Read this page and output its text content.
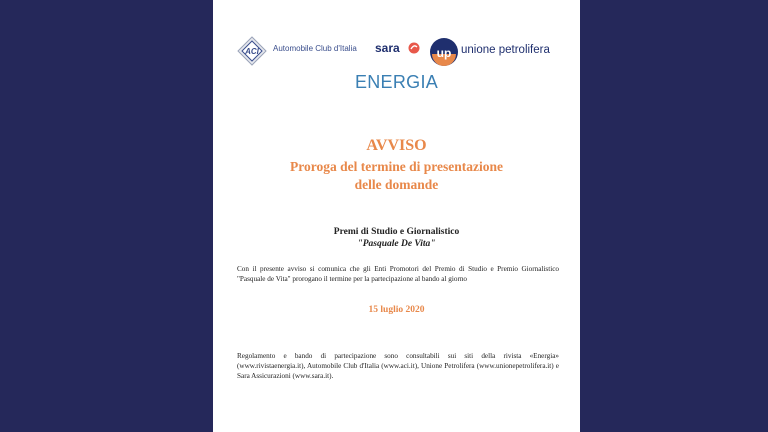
ACI Automobile Club d'Italia sara	up unione petrolifera
ENERGIA
AVVISO
Proroga del termine di presentazione
delle domande
Premi di Studio e Giornalistico
"Pasquale De Vita"
Con il presente avviso si comunica che gli Enti Promotori del Premio di Studio e Premio Giornalistico "Pasquale de Vita" prorogano il termine per la partecipazione al bando al giorno
15 luglio 2020
Regolamento e bando di partecipazione sono consultabili sui siti della rivista «Energia» (www.rivistaenergia.it), Automobile Club d'Italia (www.aci.it), Unione Petrolifera (www.unionepetrolifera.it) e Sara Assicurazioni (www.sara.it).
